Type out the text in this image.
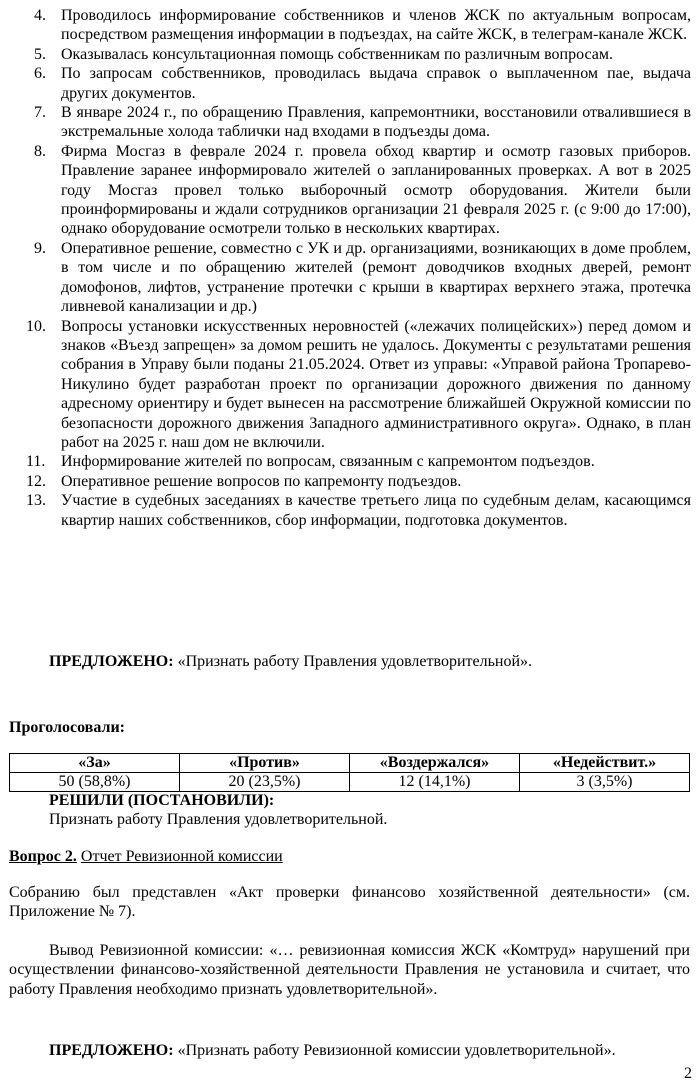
4. Проводилось информирование собственников и членов ЖСК по актуальным вопросам, посредством размещения информации в подъездах, на сайте ЖСК, в телеграм-канале ЖСК.
5. Оказывалась консультационная помощь собственникам по различным вопросам.
6. По запросам собственников, проводилась выдача справок о выплаченном пае, выдача других документов.
7. В январе 2024 г., по обращению Правления, капремонтники, восстановили отвалившиеся в экстремальные холода таблички над входами в подъезды дома.
8. Фирма Мосгаз в феврале 2024 г. провела обход квартир и осмотр газовых приборов. Правление заранее информировало жителей о запланированных проверках. А вот в 2025 году Мосгаз провел только выборочный осмотр оборудования. Жители были проинформированы и ждали сотрудников организации 21 февраля 2025 г. (с 9:00 до 17:00), однако оборудование осмотрели только в нескольких квартирах.
9. Оперативное решение, совместно с УК и др. организациями, возникающих в доме проблем, в том числе и по обращению жителей (ремонт доводчиков входных дверей, ремонт домофонов, лифтов, устранение протечки с крыши в квартирах верхнего этажа, протечка ливневой канализации и др.)
10. Вопросы установки искусственных неровностей («лежачих полицейских») перед домом и знаков «Въезд запрещен» за домом решить не удалось. Документы с результатами решения собрания в Управу были поданы 21.05.2024. Ответ из управы: «Управой района Тропарево-Никулино будет разработан проект по организации дорожного движения по данному адресному ориентиру и будет вынесен на рассмотрение ближайшей Окружной комиссии по безопасности дорожного движения Западного административного округа». Однако, в план работ на 2025 г. наш дом не включили.
11. Информирование жителей по вопросам, связанным с капремонтом подъездов.
12. Оперативное решение вопросов по капремонту подъездов.
13. Участие в судебных заседаниях в качестве третьего лица по судебным делам, касающимся квартир наших собственников, сбор информации, подготовка документов.
ПРЕДЛОЖЕНО: «Признать работу Правления удовлетворительной».
Проголосовали:
«За»	«Против»	«Воздержался»	«Недействит.»
50 (58,8%)	20 (23,5%)	12 (14,1%)	3 (3,5%)
РЕШИЛИ (ПОСТАНОВИЛИ):
Признать работу Правления удовлетворительной.
Вопрос 2. Отчет Ревизионной комиссии
Собранию был представлен «Акт проверки финансово хозяйственной деятельности» (см. Приложение № 7).
Вывод Ревизионной комиссии: «… ревизионная комиссия ЖСК «Комтруд» нарушений при осуществлении финансово-хозяйственной деятельности Правления не установила и считает, что работу Правления необходимо признать удовлетворительной».
ПРЕДЛОЖЕНО: «Признать работу Ревизионной комиссии удовлетворительной».
2
